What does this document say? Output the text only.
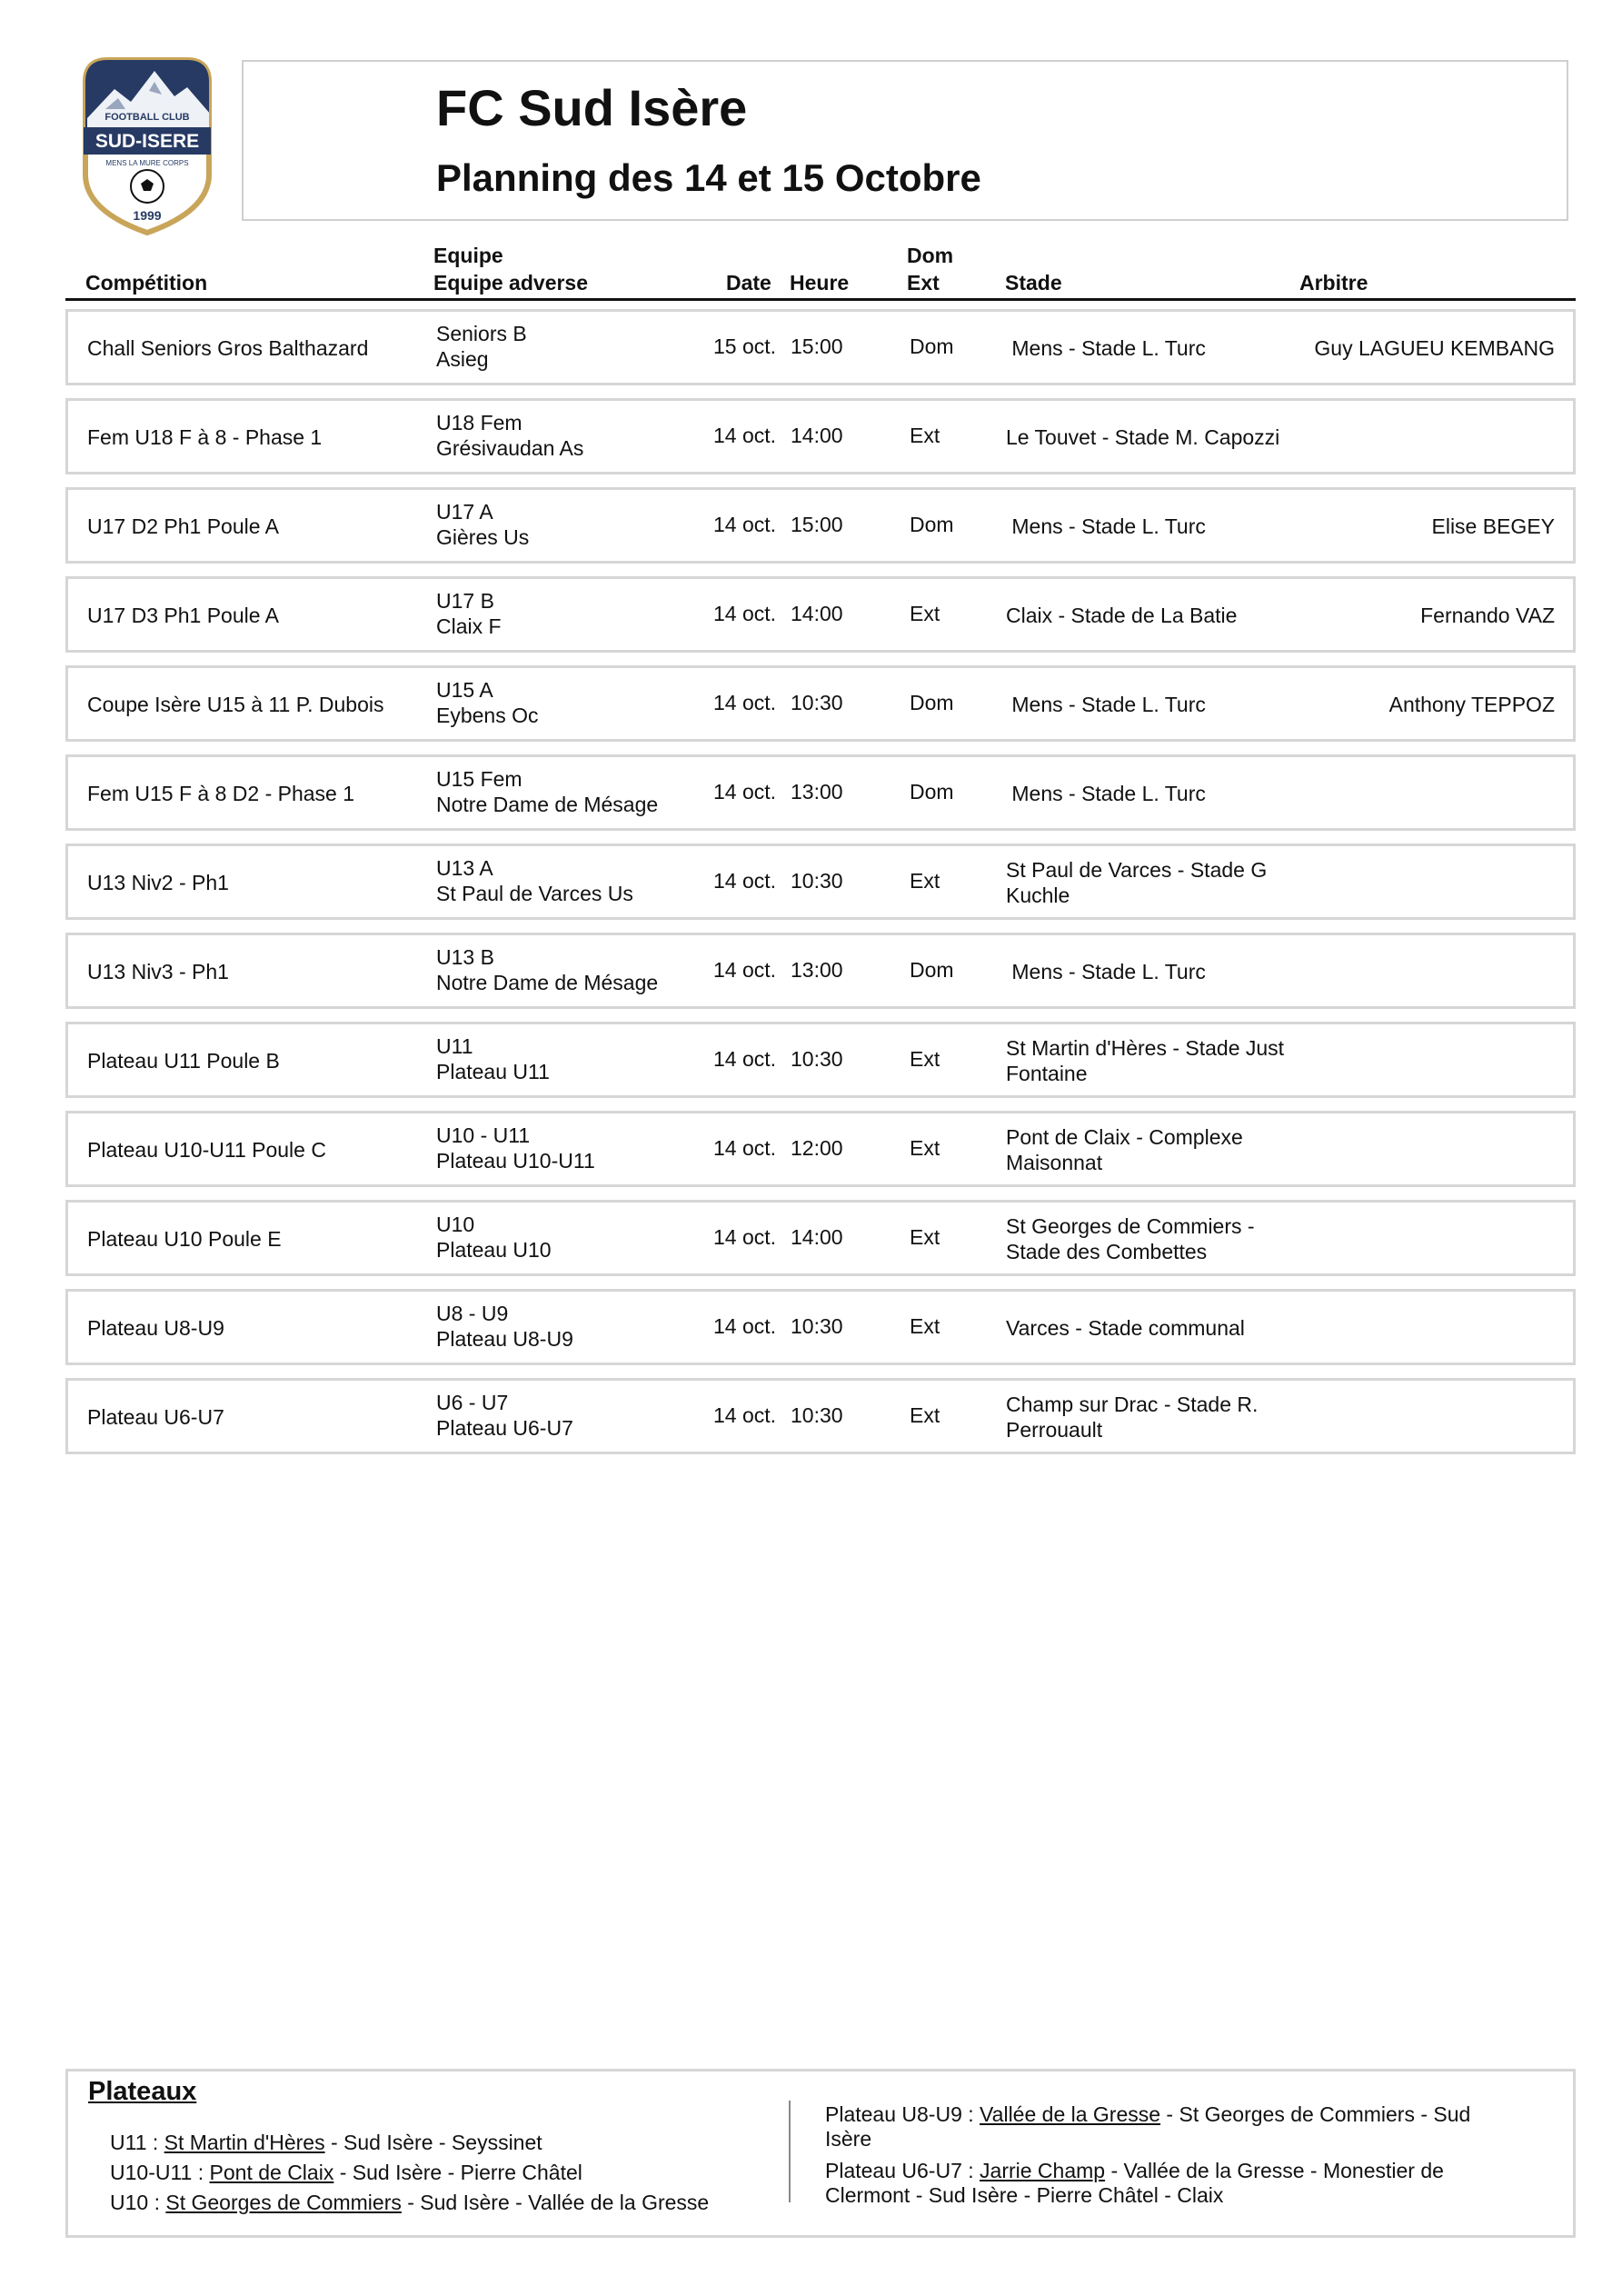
FOOTBALL CLUB
SUD-ISERE
MENS LA MURE CORPS
1999
FC Sud Isère
Planning des 14 et 15 Octobre
Compétition
Equipe
Equipe adverse	Date Heure
Dom
Ext	Stade	Arbitre
Chall Seniors Gros Balthazard
Seniors B
Asieg
15 oct. 15:00	Dom Mens - Stade L. Turc	Guy LAGUEU KEMBANG
Fem U18 F à 8 - Phase 1
U18 Fem
Grésivaudan As
14 oct. 14:00	Ext	Le Touvet - Stade M. Capozzi
U17 D2 Ph1 Poule A
U17 A
Gières Us
14 oct. 15:00	Dom Mens - Stade L. Turc	Elise BEGEY
U17 D3 Ph1 Poule A
U17 B
Claix F
14 oct. 14:00	Ext	Claix - Stade de La Batie	Fernando VAZ
Coupe Isère U15 à 11 P. Dubois
U15 A
Eybens Oc
14 oct. 10:30	Dom Mens - Stade L. Turc	Anthony TEPPOZ
Fem U15 F à 8 D2 - Phase 1
U15 Fem
Notre Dame de Mésage
14 oct. 13:00	Dom Mens - Stade L. Turc
U13 Niv2 - Ph1
U13 A
St Paul de Varces Us
14 oct. 10:30	Ext	St Paul de Varces - Stade G Kuchle
U13 Niv3 - Ph1
U13 B
Notre Dame de Mésage
14 oct. 13:00	Dom Mens - Stade L. Turc
Plateau U11 Poule B
U11
Plateau U11
14 oct. 10:30	Ext	St Martin d'Hères - Stade Just Fontaine
Plateau U10-U11 Poule C
U10 - U11
Plateau U10-U11
14 oct. 12:00	Ext	Pont de Claix - Complexe Maisonnat
Plateau U10 Poule E
U10
Plateau U10
14 oct. 14:00	Ext	St Georges de Commiers - Stade des Combettes
Plateau U8-U9
U8 - U9
Plateau U8-U9
14 oct. 10:30	Ext	Varces - Stade communal
Plateau U6-U7
U6 - U7
Plateau U6-U7
14 oct. 10:30	Ext	Champ sur Drac - Stade R. Perrouault
Plateaux
U11 : St Martin d'Hères - Sud Isère - Seyssinet
U10-U11 : Pont de Claix - Sud Isère - Pierre Châtel
U10 : St Georges de Commiers - Sud Isère - Vallée de la Gresse
Plateau U8-U9 : Vallée de la Gresse - St Georges de Commiers - Sud Isère
Plateau U6-U7 : Jarrie Champ - Vallée de la Gresse - Monestier de Clermont - Sud Isère - Pierre Châtel - Claix
